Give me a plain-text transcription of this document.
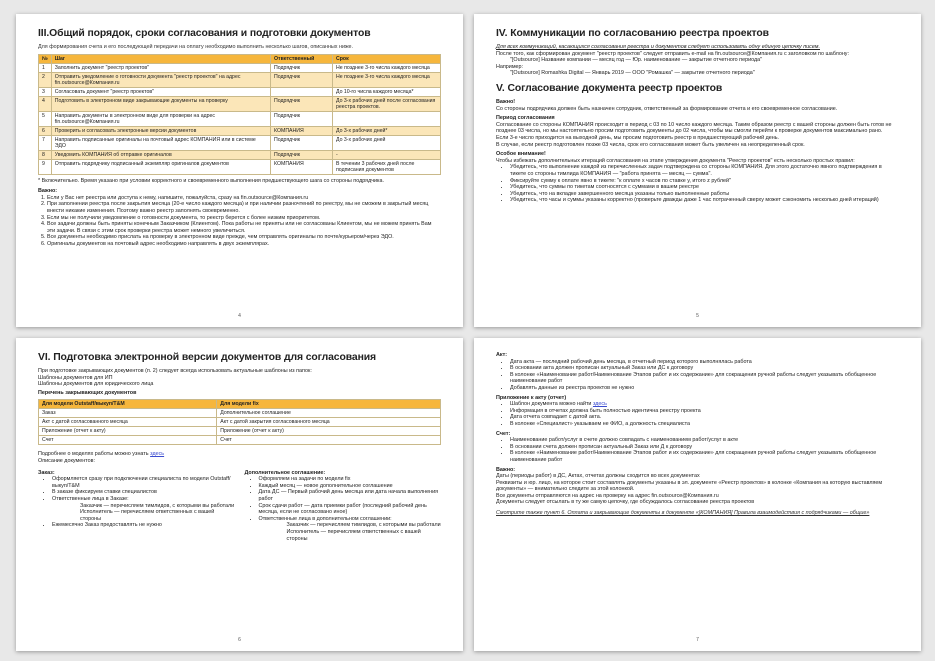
III.Общий порядок, сроки согласования и подготовки документов

Для формирования счета и его последующей передачи на оплату необходимо выполнить несколько шагов, описанных ниже.

№	Шаг	Ответственный	Срок
1	Заполнить документ "реестр проектов"	Подрядчик	Не позднее 3-го числа каждого месяца
2	Отправить уведомление о готовности документа "реестр проектов" на адрес fin.outsource@Компания.ru	Подрядчик	Не позднее 3-го числа каждого месяца
3	Согласовать документ "реестр проектов"		До 10-го числа каждого месяца*
4	Подготовить в электронном виде закрывающие документы на проверку	Подрядчик	До 3-х рабочих дней после согласования реестра проектов.
5	Направить документы в электронном виде для проверки на адрес fin.outsource@Компания.ru	Подрядчик	
6	Проверить и согласовать электронные версии документов	КОМПАНИЯ	До 3-х рабочих дней*
7	Направить подписанные оригиналы на почтовый адрес КОМПАНИЯ или в системе ЭДО	Подрядчик	До 3-х рабочих дней
8	Уведомить КОМПАНИЯ об отправке оригиналов	Подрядчик	-
9	Отправить подрядчику подписанный экземпляр оригиналов документов	КОМПАНИЯ	В течении 3 рабочих дней после подписания документов

* Включительно. Время указано при условии корректного и своевременного выполнения предшествующего шага со стороны подрядчика.

Важно:

1. Если у Вас нет реестра или доступа к нему, напишите, пожалуйста, сразу на fin.outsource@Компания.ru
2. При заполнении реестра после закрытия месяца (20-е число каждого месяца) и при наличии разночтений по реестру, мы не сможем в закрытый месяц внести никакие изменения. Поэтому важно реестр заполнять своевременно.
3. Если мы не получили уведомление о готовности документа, то реестр берется с более низким приоритетом.
4. Все задачи должны быть приняты конечным Заказчиком (Клиентом). Пока работы не приняты или не согласованы Клиентом, мы не можем принять Вам эти задачи. В связи с этим срок проверки реестра может немного увеличиться.
5. Все документы необходимо прислать на проверку в электронном виде прежде, чем отправлять оригиналы по почте/курьером/через ЭДО.
6. Оригиналы документов на почтовый адрес необходимо направлять в двух экземплярах.
4
IV. Коммуникации по согласованию реестра проектов

Для всех коммуникаций, касающихся согласования реестра и документов следует использовать одну единую цепочку писем.

После того, как сформирован документ "реестр проектов" следует отправить e-mail на fin.outsource@Компания.ru с заголовком по шаблону:

"[Outsource] Название компании — месяц год — Юр. наименование — закрытие отчетного периода"

Например:

"[Outsource] Romashka Digital — Январь 2019 — ООО "Ромашка" — закрытие отчетного периода"

V. Согласование документа реестр проектов

Важно!

Со стороны подрядчика должен быть назначен сотрудник, ответственный за формирование отчета и его своевременное согласование.

Период согласования

Согласование со стороны КОМПАНИЯ происходит в период с 03 по 10 число каждого месяца. Таким образом реестр с вашей стороны должен быть готов не позднее 03 числа, но мы настоятельно просим подготовить документы до 02 числа, чтобы мы смогли перейти к проверке документов максимально рано.

Если 3-е число приходится на выходной день, мы просим подготовить реестр в предшествующий рабочий день.

В случае, если реестр подготовлен позже 03 числа, срок его согласования может быть увеличен на неопределенный срок.

Особое внимание!

Чтобы избежать дополнительных итераций согласования на этапе утверждения документа "Реестр проектов" есть несколько простых правил:

• Убедитесь, что выполнение каждой из перечисленных задач подтверждена со стороны КОМПАНИЯ. Для этого достаточно явного подтверждения в тикете со стороны тимлида КОМПАНИЯ — "работа принята — месяц — сумма".
• Фиксируйте сумму к оплате явно в тикете: "к оплате х часов по ставке у, итого z рублей"
• Убедитесь, что суммы по тикетам соотносятся с суммами в вашем реестре
• Убедитесь, что на вкладке завершенного месяца указаны только выполненные работы
• Убедитесь, что часы и суммы указаны корректно (проверьте дважды даже 1 час потраченный сверху может сэкономить несколько дней итераций)
5
VI. Подготовка электронной версии документов для согласования

При подготовке закрывающих документов (п. 2) следует всегда использовать актуальные шаблоны из папок:

Шаблоны документов для ИП

Шаблоны документов для юридического лица

Перечень закрывающих документов

Для модели Outstaff/выкуп/T&M	Для модели fix
Заказ	Дополнительное соглашение
Акт с датой согласованного месяца	Акт с датой закрытия согласованного месяца
Приложение (отчет к акту)	Приложение (отчет к акту)
Счет	Счет

Подробнее о моделях работы можно узнать здесь

Описание документов:

Заказ:

• Оформляется сразу при подключении специалиста по модели Outstaff/выкуп/T&M
• В заказе фиксируем ставки специалистов
• Ответственные лица в Заказе:
Заказчик — перечисляем тимлидов, с которыми вы работали
Исполнитель — перечисляем ответственных с вашей стороны
• Ежемесячно Заказ предоставлять не нужно

Дополнительное соглашение:

• Оформляем на задачи по модели fix
• Каждый месяц — новое дополнительное соглашение
• Дата ДС — Первый рабочий день месяца или дата начала выполнения работ
• Срок сдачи работ — дата приемки работ (последний рабочий день месяца, если не согласовано иное)
• Ответственные лица в дополнительном соглашении:
Заказчик — перечисляем тимлидов, с которыми вы работали
Исполнитель — перечисляем ответственных с вашей стороны
6

Акт:

• Дата акта — последний рабочий день месяца, в отчетный период которого выполнялась работа
• В основании акта должен прописан актуальный Заказ или ДС к договору
• В колонке «Наименование работ/Наименование Этапов работ и их содержание» для сокращения ручной работы следует указывать обобщенное наименование работ
• Добавлять данные из реестра проектов не нужно

Приложение к акту (отчет)

• Шаблон документа можно найти здесь
• Информация в отчетах должна быть полностью идентична реестру проекта
• Дата отчета совпадает с датой акта.
• В колонке «Специалист» указываем не ФИО, а должность специалиста

Счет:

• Наименование работ/услуг в счете должно совпадать с наименованием работ/услуг в акте
• В основании счета должен прописан актуальный Заказ или Д к договору
• В колонке «Наименование работ/Наименование Этапов работ и их содержание» для сокращения ручной работы следует указывать обобщенное наименование работ

Важно:

Даты (периоды работ) в ДС, Актах, отчетах должны сходится во всех документах

Реквизиты и юр. лицо, на которое стоит составлять документы указаны в эл. документе «Реестр проектов» в колонке «Компания на которую выставляем документы» — внимательно следите за этой колонкой.

Все документы отправляются на адрес на проверку на адрес fin.outsource@Компания.ru

Документы следует отсылать в ту же самую цепочку, где обсуждалось согласование реестра проектов

Смотрите также пункт 6. Оплата и закрывающие документы в документе «[КОМПАНИЯ] Правила взаимодействия с подрядчиками — общие»

7
